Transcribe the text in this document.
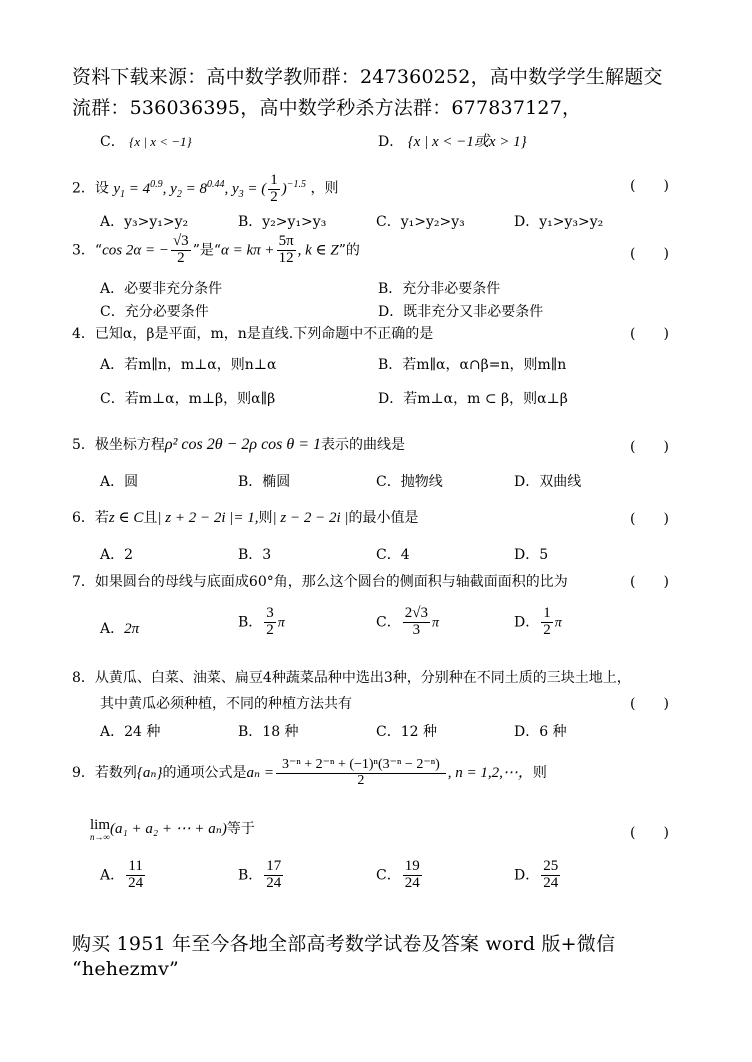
资料下载来源：高中数学教师群：247360252，高中数学学生解题交
流群：536036395，高中数学秒杀方法群：677837127，
C． {x | x < −1}	D． {x | x < −1或x > 1}
2．设 $y_1 = 4^{0.9}$, $y_2 = 8^{0.44}$, $y_3$ = ( $\frac{1}{2} )^{-1.5}$ ，则	(　　)
A．y₃>y₁>y₂	B．y₂>y₁>y₃	C．y₁>y₂>y₃	D．y₁>y₃>y₂
3．“cos 2α = − $\frac{√3}{2}$ ”是“$\alpha = k\pi + \frac{5\pi}{12}$ , k ∈ Z”的	(　　)
A．必要非充分条件	B．充分非必要条件
C．充分必要条件	D．既非充分又非必要条件
4．已知α，β是平面，m，n是直线.下列命题中不正确的是	(　　)
A．若m∥n，m⊥α，则n⊥α	B．若m∥α，α∩β=n，则m∥n
C．若m⊥α，m⊥β，则α∥β	D．若m⊥α，m ⊂ β，则α⊥β
5．极坐标方程ρ² cos 2θ − 2ρ cos θ = 1表示的曲线是	(　　)
A．圆	B．椭圆	C．抛物线	D．双曲线
6．若z ∈ C且| z + 2 − 2i |= 1,则| z − 2 − 2i |的最小值是	(　　)
A．2	B．3	C．4	D．5
7．如果圆台的母线与底面成60°角，那么这个圆台的侧面积与轴截面面积的比为	(　　)
A．2π	B． $\frac{3}{2}$ π	C． $\frac{2√3}{3}$ π	D． $\frac{1}{2}$ π
8．从黄瓜、白菜、油菜、扁豆4种蔬菜品种中选出3种，分别种在不同土质的三块土地上，
其中黄瓜必须种植，不同的种植方法共有	(　　)
A．24 种	B．18 种	C．12 种	D．6 种
9．若数列{aₙ}的通项公式是$a_n = \frac{\text{3⁻ⁿ + 2⁻ⁿ + (−1)ⁿ(3⁻ⁿ − 2⁻ⁿ)}}{2}$ , n = 1,2,⋯，则
lim
n→∞ (a₁ + a₂ + ⋯ + aₙ)等于	(　　)
A． $\frac{11}{24}$	B． $\frac{17}{24}$	C． $\frac{19}{24}$	D． $\frac{25}{24}$
购买 1951 年至今各地全部高考数学试卷及答案 word 版+微信
“hehezmv”
